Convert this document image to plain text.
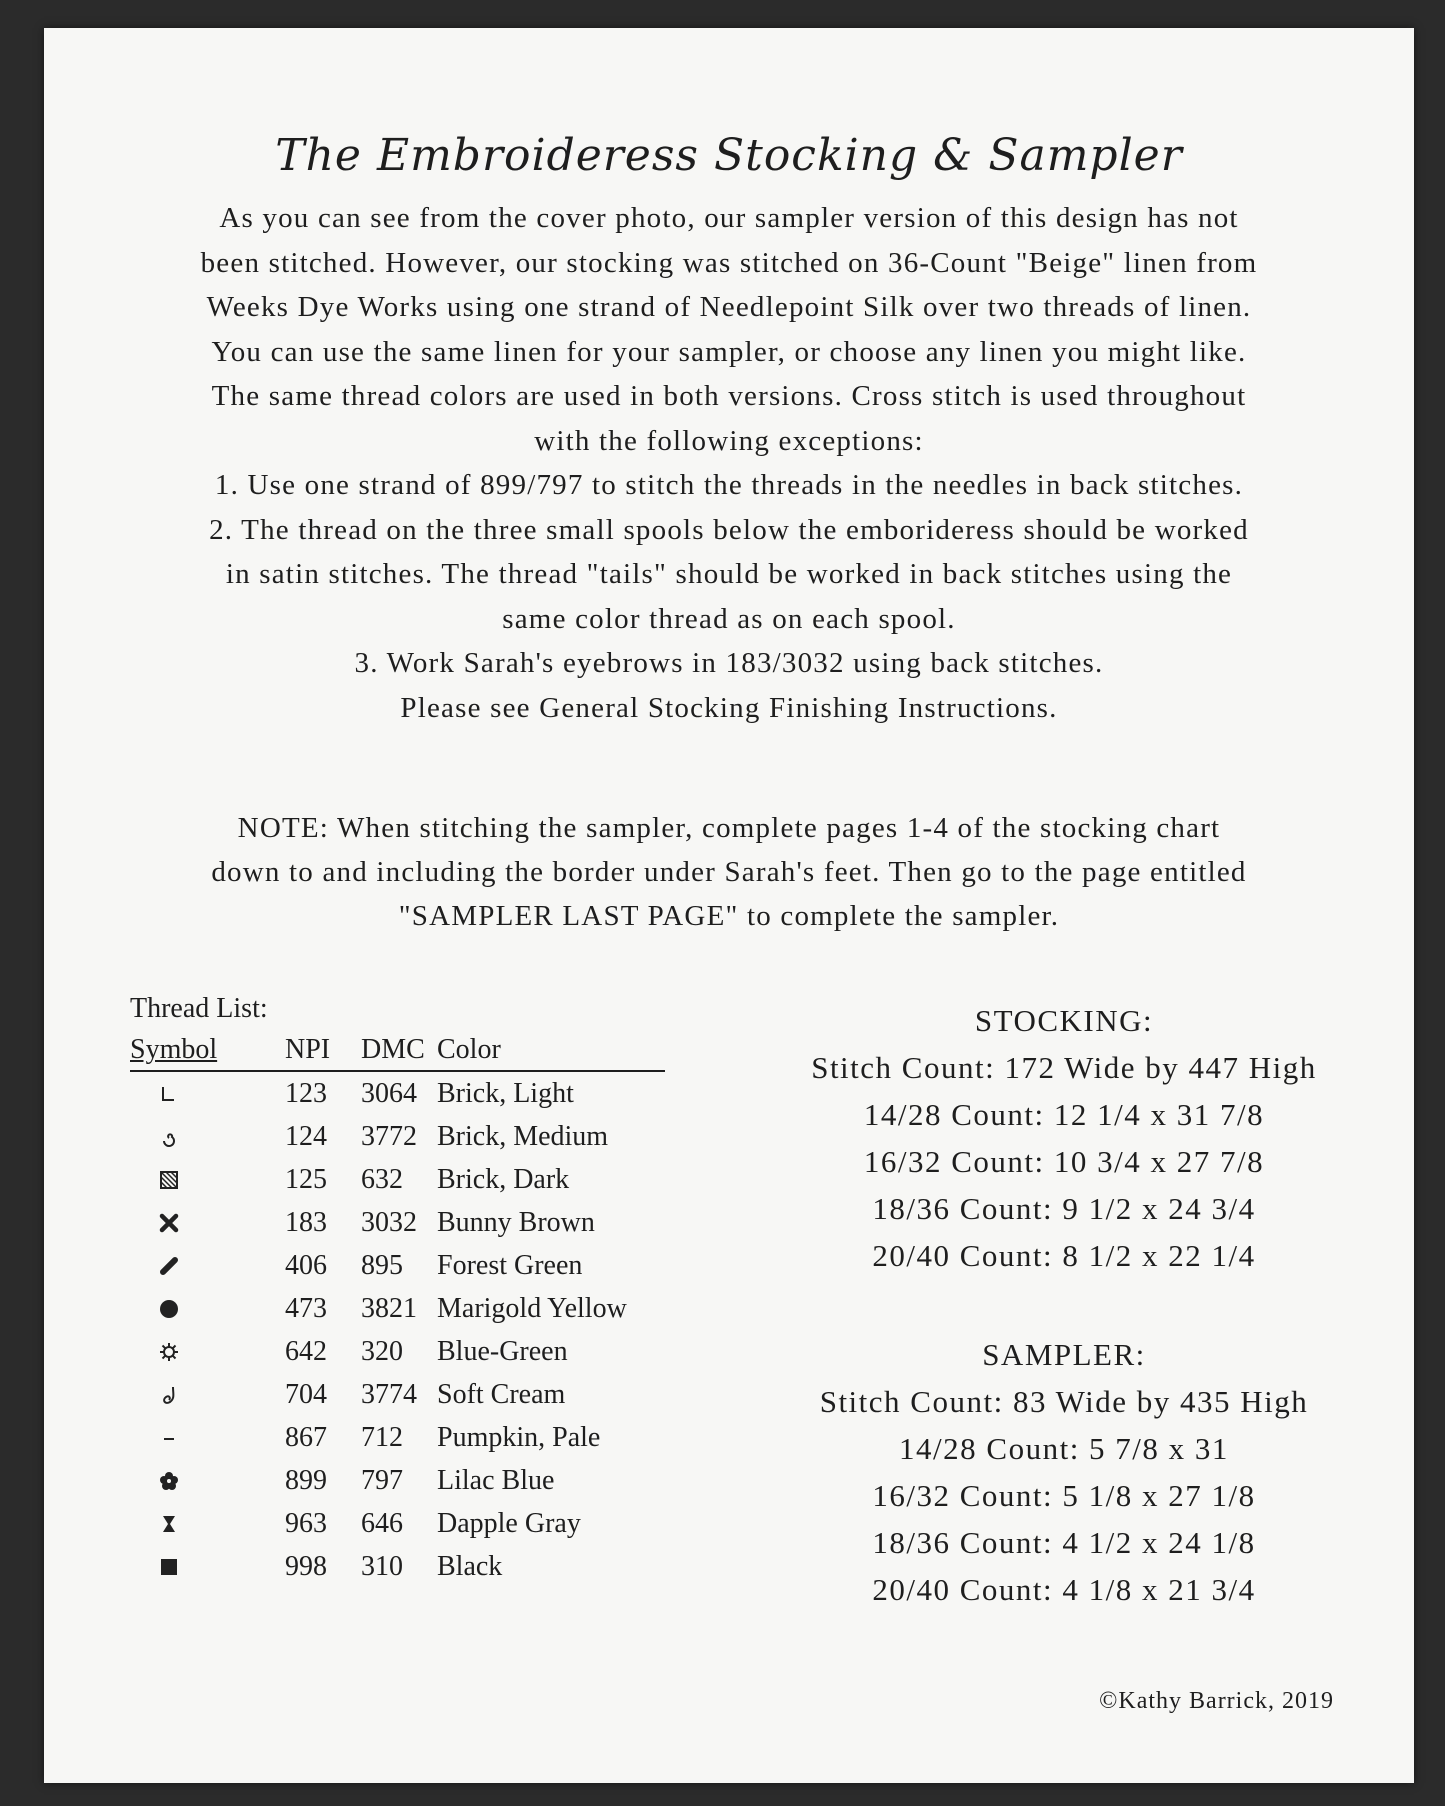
The Embroideress Stocking & Sampler

As you can see from the cover photo, our sampler version of this design has not

been stitched. However, our stocking was stitched on 36-Count "Beige" linen from

Weeks Dye Works using one strand of Needlepoint Silk over two threads of linen.

You can use the same linen for your sampler, or choose any linen you might like.

The same thread colors are used in both versions. Cross stitch is used throughout

with the following exceptions:

1. Use one strand of 899/797 to stitch the threads in the needles in back stitches.

2. The thread on the three small spools below the emborideress should be worked

in satin stitches. The thread "tails" should be worked in back stitches using the

same color thread as on each spool.

3. Work Sarah's eyebrows in 183/3032 using back stitches.

Please see General Stocking Finishing Instructions.

NOTE: When stitching the sampler, complete pages 1-4 of the stocking chart
down to and including the border under Sarah's feet. Then go to the page entitled
"SAMPLER LAST PAGE" to complete the sampler.
Thread List:
Symbol	NPI	DMC Color
123	3064 Brick, Light
124	3772 Brick, Medium
125	632	Brick, Dark
183	3032 Bunny Brown
406	895	Forest Green
473	3821 Marigold Yellow
642	320	Blue-Green
704	3774 Soft Cream
867	712	Pumpkin, Pale
899	797	Lilac Blue
963	646	Dapple Gray
998	310	Black
STOCKING:
Stitch Count: 172 Wide by 447 High
14/28 Count: 12 1/4 x 31 7/8
16/32 Count: 10 3/4 x 27 7/8
18/36 Count: 9 1/2 x 24 3/4
20/40 Count: 8 1/2 x 22 1/4
SAMPLER:
Stitch Count: 83 Wide by 435 High
14/28 Count: 5 7/8 x 31
16/32 Count: 5 1/8 x 27 1/8
18/36 Count: 4 1/2 x 24 1/8
20/40 Count: 4 1/8 x 21 3/4
©Kathy Barrick, 2019
